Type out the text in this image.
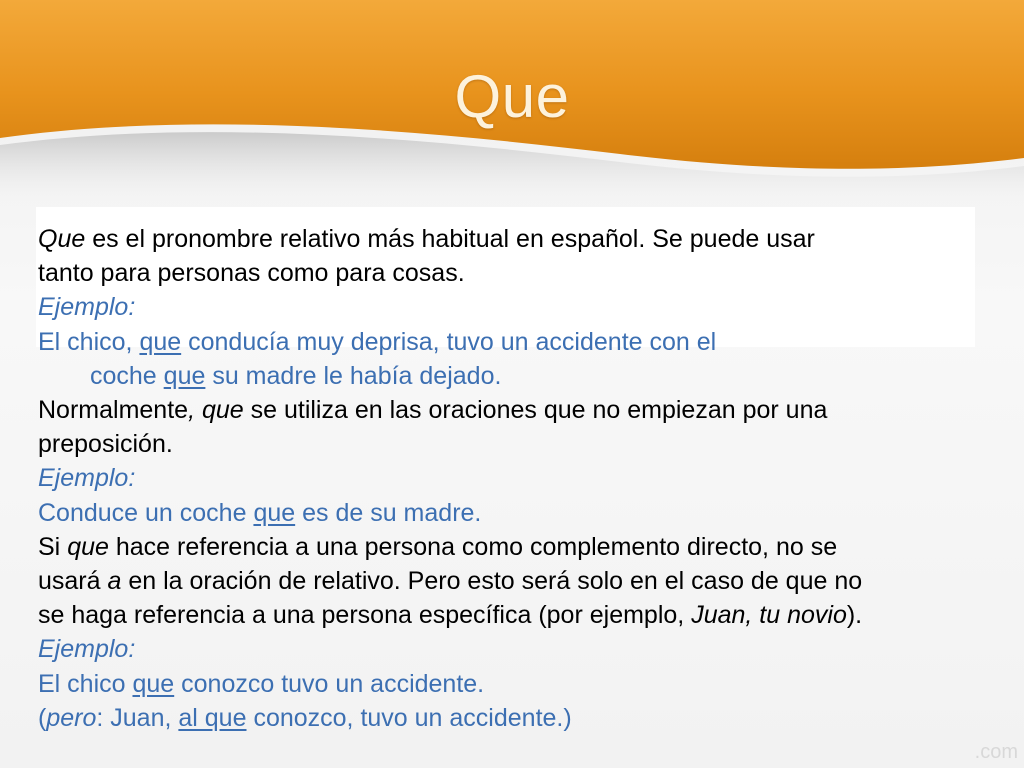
Que
Que es el pronombre relativo más habitual en español. Se puede usar
tanto para personas como para cosas.
Ejemplo:
El chico, que conducía muy deprisa, tuvo un accidente con el
coche que su madre le había dejado.
Normalmente, que se utiliza en las oraciones que no empiezan por una
preposición.
Ejemplo:
Conduce un coche que es de su madre.
Si que hace referencia a una persona como complemento directo, no se
usará a en la oración de relativo. Pero esto será solo en el caso de que no
se haga referencia a una persona específica (por ejemplo, Juan, tu novio).
Ejemplo:
El chico que conozco tuvo un accidente.
(pero: Juan, al que conozco, tuvo un accidente.)
.com
